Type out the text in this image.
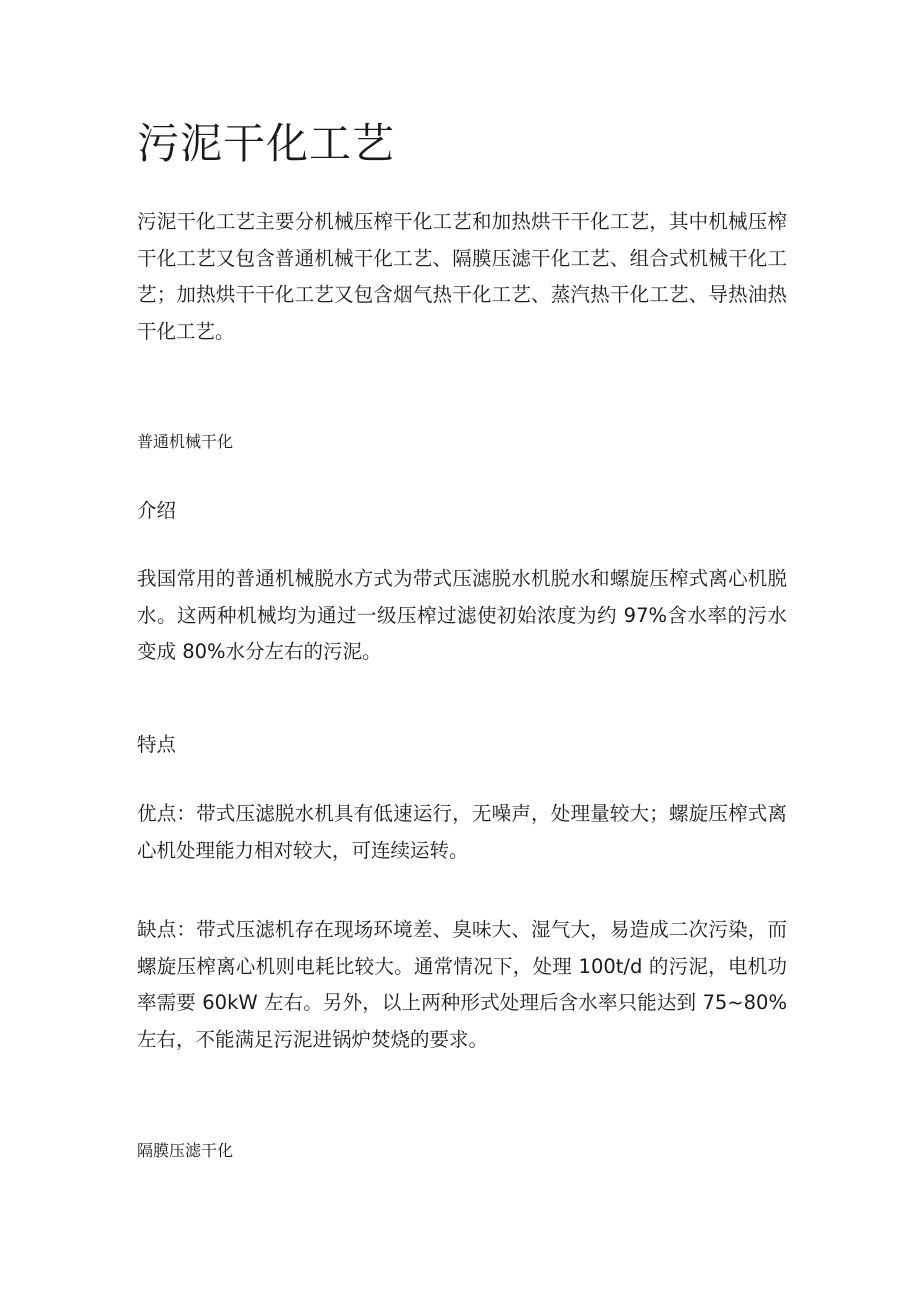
污泥干化工艺

污泥干化工艺主要分机械压榨干化工艺和加热烘干干化工艺，其中机械压榨干化工艺又包含普通机械干化工艺、隔膜压滤干化工艺、组合式机械干化工艺；加热烘干干化工艺又包含烟气热干化工艺、蒸汽热干化工艺、导热油热干化工艺。

普通机械干化
介绍

我国常用的普通机械脱水方式为带式压滤脱水机脱水和螺旋压榨式离心机脱水。这两种机械均为通过一级压榨过滤使初始浓度为约 97%含水率的污水变成 80%水分左右的污泥。

特点

优点：带式压滤脱水机具有低速运行，无噪声，处理量较大；螺旋压榨式离心机处理能力相对较大，可连续运转。

缺点：带式压滤机存在现场环境差、臭味大、湿气大，易造成二次污染，而螺旋压榨离心机则电耗比较大。通常情况下，处理 100t/d 的污泥，电机功率需要 60kW 左右。另外，以上两种形式处理后含水率只能达到 75~80%左右，不能满足污泥进锅炉焚烧的要求。

隔膜压滤干化
